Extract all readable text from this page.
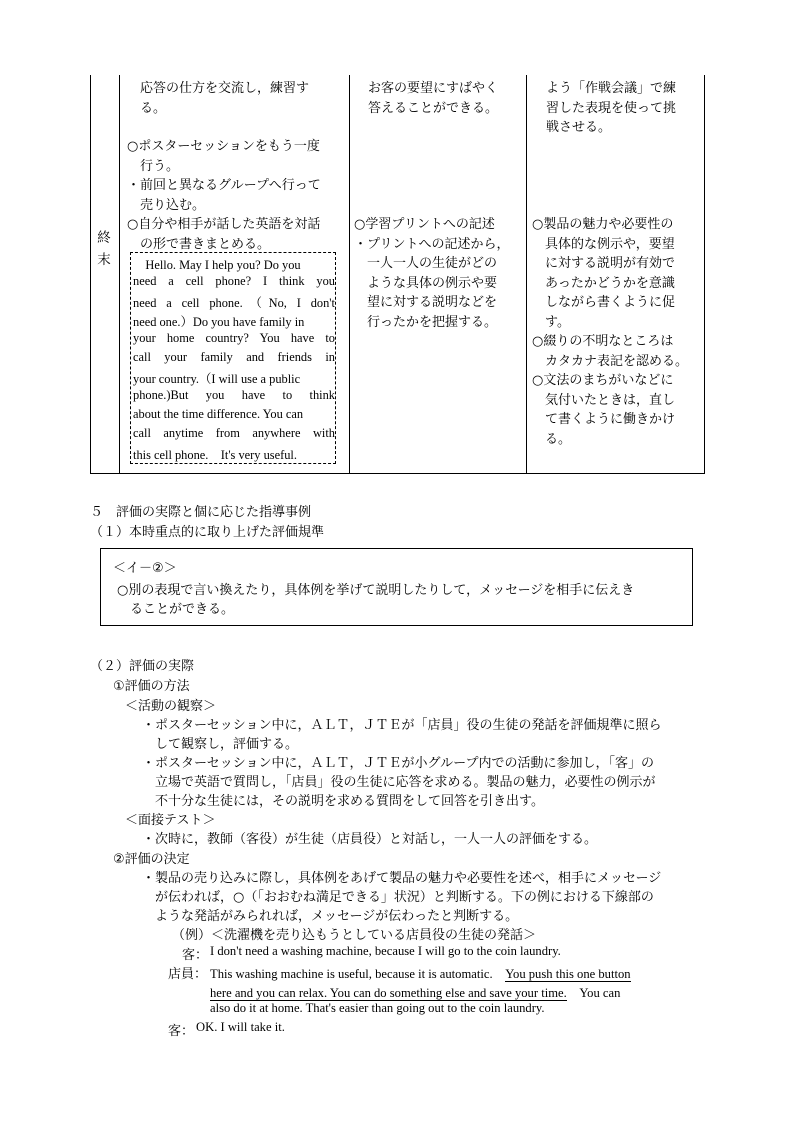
終
末
　応答の仕方を交流し，練習す
　る。
○ポスターセッションをもう一度
　行う。
・前回と異なるグループへ行って
　売り込む。
○自分や相手が話した英語を対話
　の形で書きまとめる。
　Hello. May I help you? Do you
need a cell phone? I think you
need a cell phone.（No, I don't
need one.）Do you have family in
your home country? You have to
call your family and friends in
your country.（I will use a public
phone.)But you have to think
about the time difference. You can
call anytime from anywhere with
this cell phone.　It's very useful.
お客の要望にすばやく
答えることができる。
○学習プリントへの記述
・プリントへの記述から，
　一人一人の生徒がどの
　ような具体の例示や要
　望に対する説明などを
　行ったかを把握する。
よう「作戦会議」で練
習した表現を使って挑
戦させる。
○製品の魅力や必要性の
　具体的な例示や，要望
　に対する説明が有効で
　あったかどうかを意識
　しながら書くように促
　す。
○綴りの不明なところは
　カタカナ表記を認める。
○文法のまちがいなどに
　気付いたときは，直し
　て書くように働きかけ
　る。
５　評価の実際と個に応じた指導事例
（１）本時重点的に取り上げた評価規準
＜イ－②＞
○別の表現で言い換えたり，具体例を挙げて説明したりして，メッセージを相手に伝えき
　ることができる。
（２）評価の実際
①評価の方法
＜活動の観察＞
・ポスターセッション中に，ＡＬＴ，ＪＴＥが「店員」役の生徒の発話を評価規準に照ら
　して観察し，評価する。
・ポスターセッション中に，ＡＬＴ，ＪＴＥが小グループ内での活動に参加し，「客」の
　立場で英語で質問し，「店員」役の生徒に応答を求める。製品の魅力，必要性の例示が
　不十分な生徒には，その説明を求める質問をして回答を引き出す。
＜面接テスト＞
・次時に，教師（客役）が生徒（店員役）と対話し，一人一人の評価をする。
②評価の決定
・製品の売り込みに際し，具体例をあげて製品の魅力や必要性を述べ，相手にメッセージ
　が伝われば，○（「おおむね満足できる」状況）と判断する。下の例における下線部の
　ような発話がみられれば，メッセージが伝わったと判断する。
（例）＜洗濯機を売り込もうとしている店員役の生徒の発話＞
客： I don't need a washing machine, because I will go to the coin laundry.
店員： This washing machine is useful, because it is automatic.　You push this one button
here and you can relax. You can do something else and save your time.　You can
also do it at home. That's easier than going out to the coin laundry.
客： OK. I will take it.
